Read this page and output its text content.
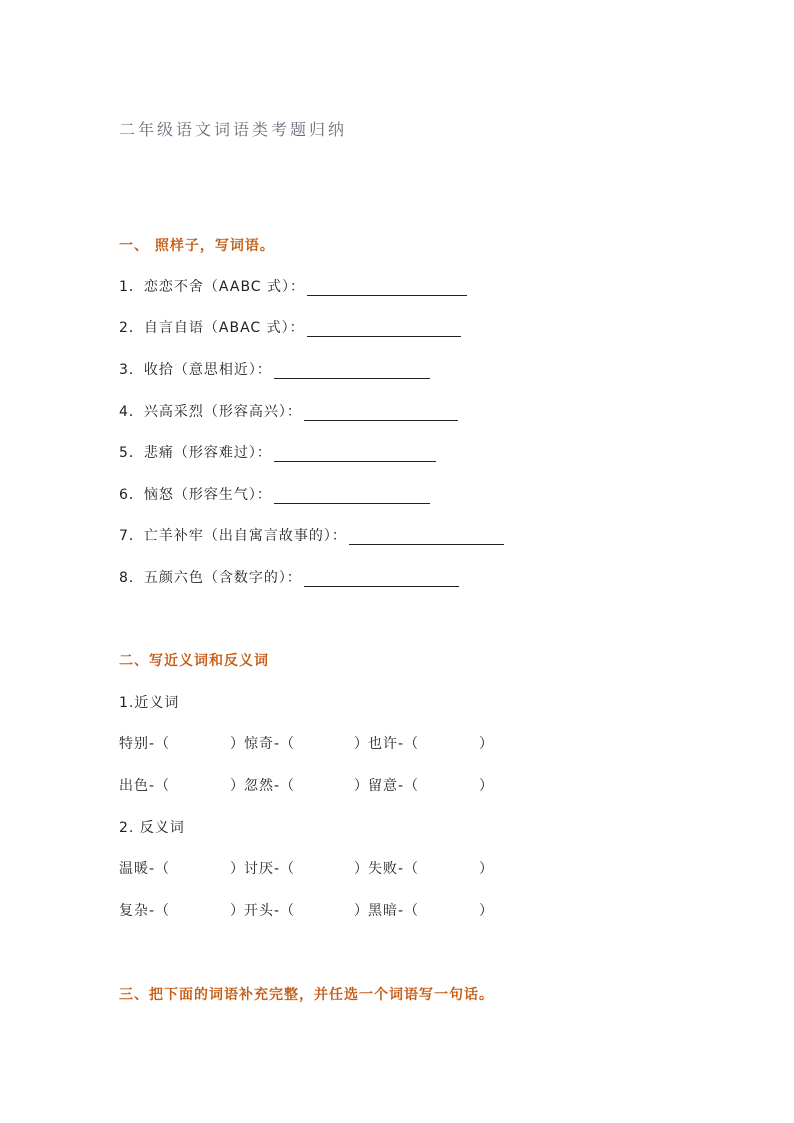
二年级语文词语类考题归纳
一、 照样子，写词语。
1．恋恋不舍（AABC 式）：
2．自言自语（ABAC 式）：
3．收拾（意思相近）：
4．兴高采烈（形容高兴）：
5．悲痛（形容难过）：
6．恼怒（形容生气）：
7．亡羊补牢（出自寓言故事的）：
8．五颜六色（含数字的）：
二、写近义词和反义词
1.近义词
特别-（	） 惊奇-（	） 也许-（	）
出色-（	） 忽然-（	） 留意-（	）
2. 反义词
温暖-（	） 讨厌-（	） 失败-（	）
复杂-（	） 开头-（	） 黑暗-（	）
三、把下面的词语补充完整，并任选一个词语写一句话。
